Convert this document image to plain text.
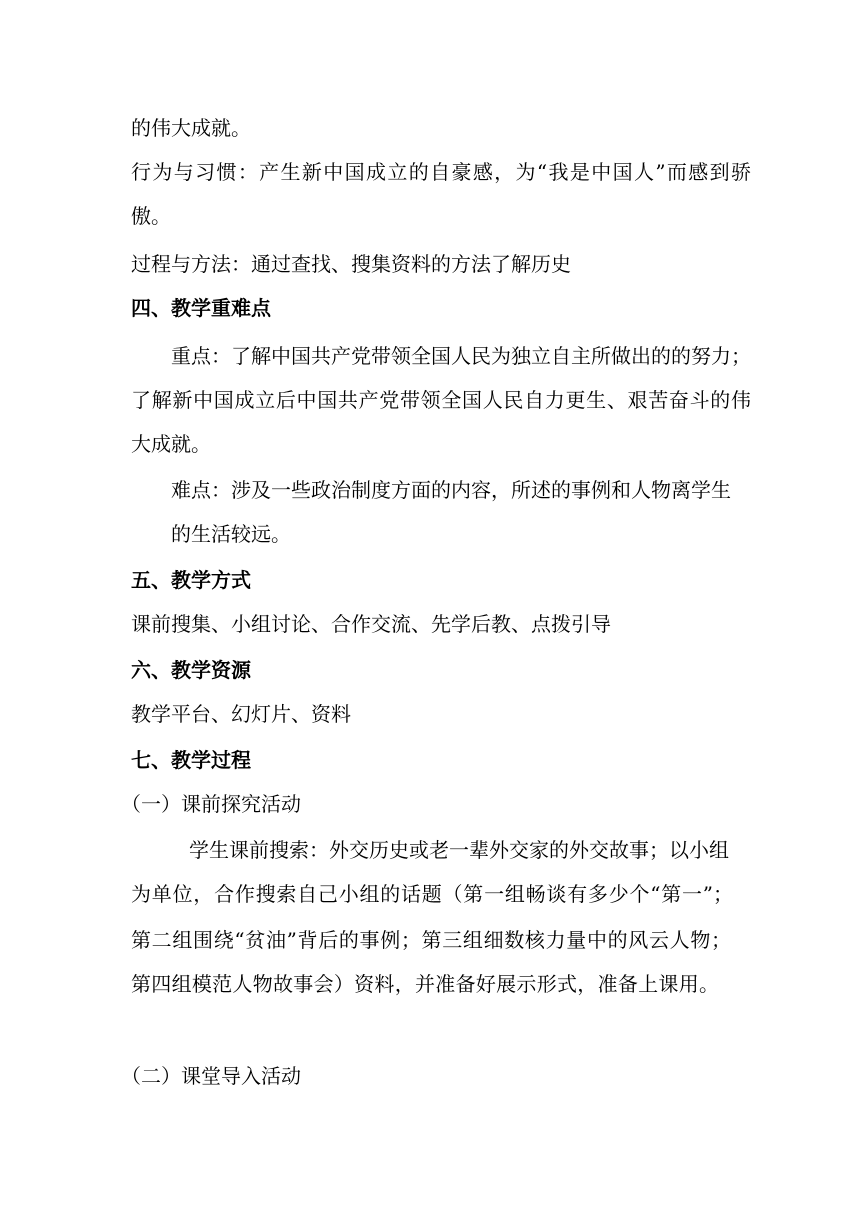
的伟大成就。
行为与习惯：产生新中国成立的自豪感，为“我是中国人”而感到骄
傲。
过程与方法：通过查找、搜集资料的方法了解历史
四、教学重难点
重点：了解中国共产党带领全国人民为独立自主所做出的的努力；
了解新中国成立后中国共产党带领全国人民自力更生、艰苦奋斗的伟
大成就。
难点：涉及一些政治制度方面的内容，所述的事例和人物离学生
的生活较远。
五、教学方式
课前搜集、小组讨论、合作交流、先学后教、点拨引导
六、教学资源
教学平台、幻灯片、资料
七、教学过程
（一）课前探究活动
学生课前搜索：外交历史或老一辈外交家的外交故事；以小组
为单位，合作搜索自己小组的话题（第一组畅谈有多少个“第一”；
第二组围绕“贫油”背后的事例；第三组细数核力量中的风云人物；
第四组模范人物故事会）资料，并准备好展示形式，准备上课用。
（二）课堂导入活动
